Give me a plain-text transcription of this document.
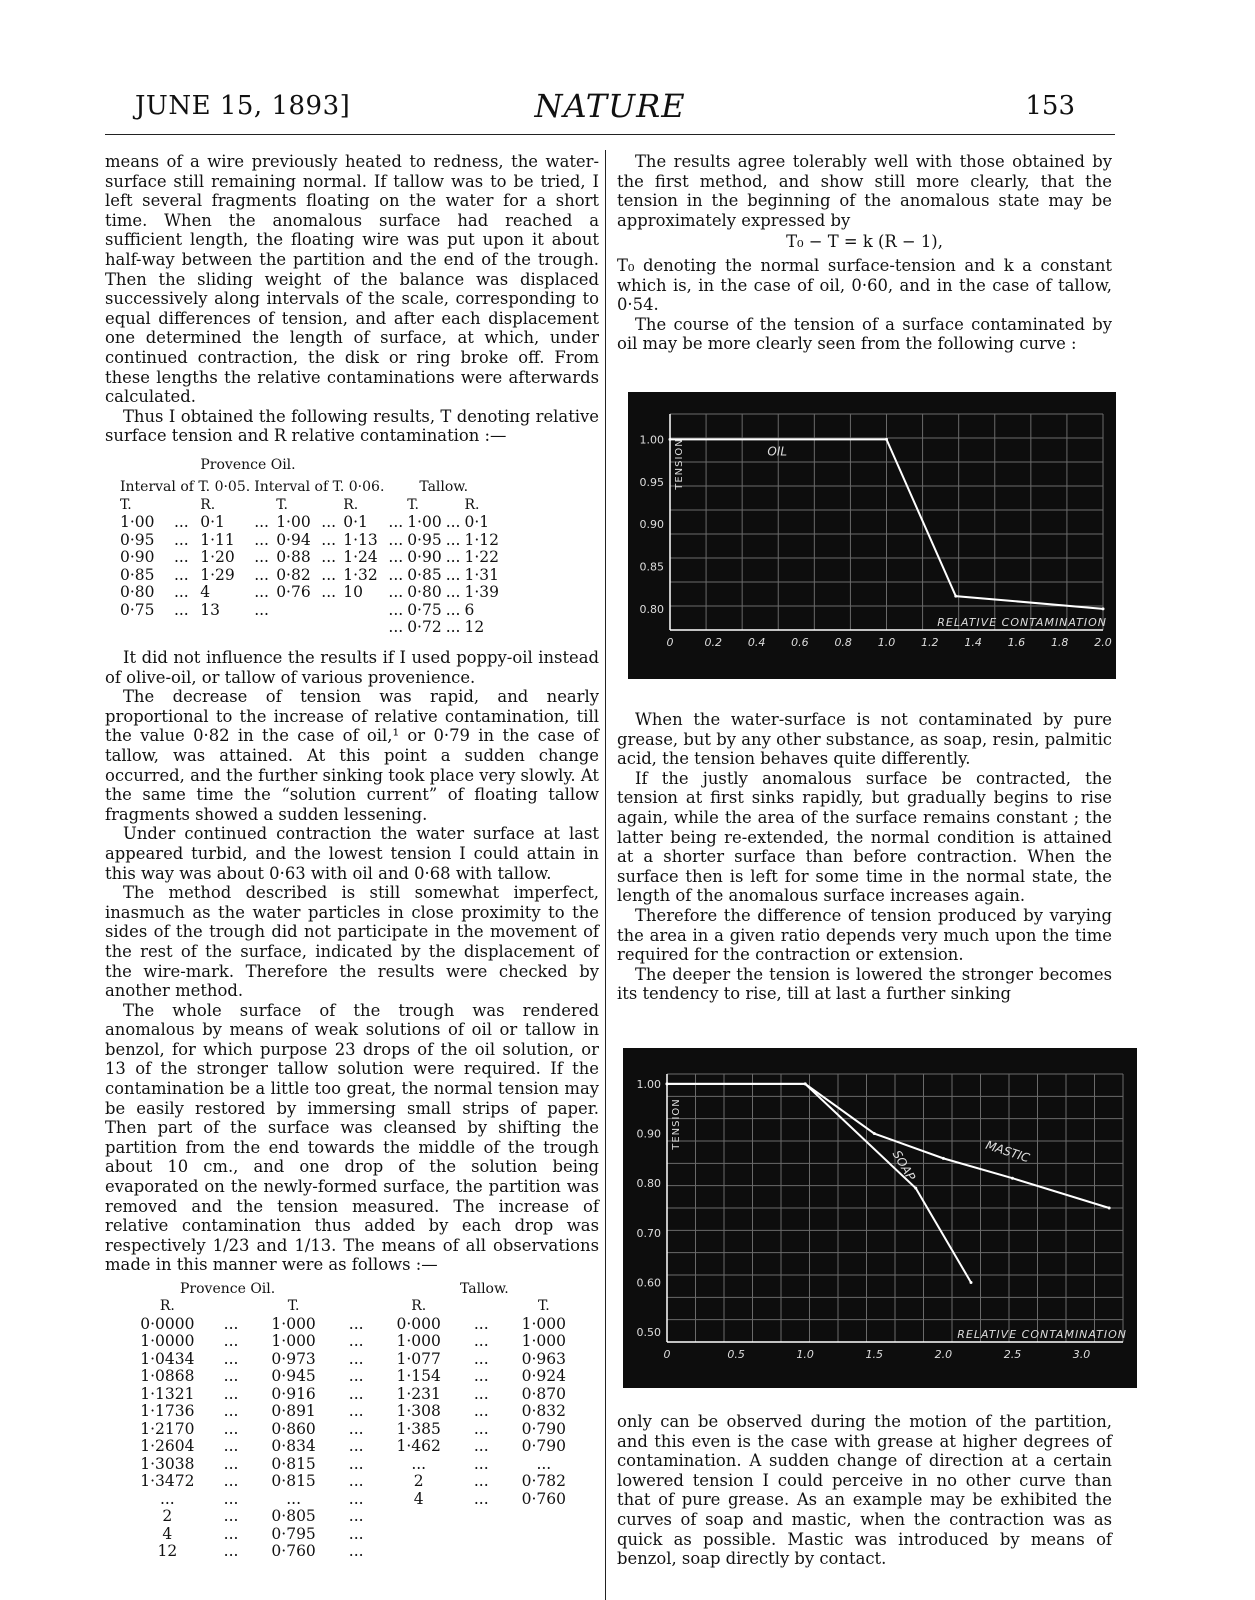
JUNE 15, 1893]	NATURE	153

means of a wire previously heated to redness, the water-surface still remaining normal. If tallow was to be tried, I left several fragments floating on the water for a short time. When the anomalous surface had reached a sufficient length, the floating wire was put upon it about half-way between the partition and the end of the trough. Then the sliding weight of the balance was displaced successively along intervals of the scale, corresponding to equal differences of tension, and after each displacement one determined the length of surface, at which, under continued contraction, the disk or ring broke off. From these lengths the relative contaminations were afterwards calculated.

Thus I obtained the following results, T denoting relative surface tension and R relative contamination :—

Provence Oil.
Interval of T. 0·05.			Interval of T. 0·06.				Tallow.			
T.		R.		T.		R.		T.		R.
1·00	...	0·1	...	1·00	...	0·1	...	1·00	...	0·1
0·95	...	1·11	...	0·94	...	1·13	...	0·95	...	1·12
0·90	...	1·20	...	0·88	...	1·24	...	0·90	...	1·22
0·85	...	1·29	...	0·82	...	1·32	...	0·85	...	1·31
0·80	...	4	...	0·76	...	10	...	0·80	...	1·39
0·75	...	13	...				...	0·75	...	6
							...	0·72	...	12

It did not influence the results if I used poppy-oil instead of olive-oil, or tallow of various provenience.

The decrease of tension was rapid, and nearly proportional to the increase of relative contamination, till the value 0·82 in the case of oil,¹ or 0·79 in the case of tallow, was attained. At this point a sudden change occurred, and the further sinking took place very slowly. At the same time the “solution current” of floating tallow fragments showed a sudden lessening.

Under continued contraction the water surface at last appeared turbid, and the lowest tension I could attain in this way was about 0·63 with oil and 0·68 with tallow.

The method described is still somewhat imperfect, inasmuch as the water particles in close proximity to the sides of the trough did not participate in the movement of the rest of the surface, indicated by the displacement of the wire-mark. Therefore the results were checked by another method.

The whole surface of the trough was rendered anomalous by means of weak solutions of oil or tallow in benzol, for which purpose 23 drops of the oil solution, or 13 of the stronger tallow solution were required. If the contamination be a little too great, the normal tension may be easily restored by immersing small strips of paper. Then part of the surface was cleansed by shifting the partition from the end towards the middle of the trough about 10 cm., and one drop of the solution being evaporated on the newly-formed surface, the partition was removed and the tension measured. The increase of relative contamination thus added by each drop was respectively 1/23 and 1/13. The means of all observations made in this manner were as follows :—

Provence Oil.	Tallow.
R.		T.		R.		T.
0·0000	...	1·000	...	0·000	...	1·000
1·0000	...	1·000	...	1·000	...	1·000
1·0434	...	0·973	...	1·077	...	0·963
1·0868	...	0·945	...	1·154	...	0·924
1·1321	...	0·916	...	1·231	...	0·870
1·1736	...	0·891	...	1·308	...	0·832
1·2170	...	0·860	...	1·385	...	0·790
1·2604	...	0·834	...	1·462	...	0·790
1·3038	...	0·815	...	...	...	...
1·3472	...	0·815	...	2	...	0·782
...	...	...	...	4	...	0·760
2	...	0·805	...			
4	...	0·795	...			
12	...	0·760	...			

The results agree tolerably well with those obtained by the first method, and show still more clearly, that the tension in the beginning of the anomalous state may be approximately expressed by

T₀ − T = k (R − 1),

T₀ denoting the normal surface-tension and k a constant which is, in the case of oil, 0·60, and in the case of tallow, 0·54.

The course of the tension of a surface contaminated by oil may be more clearly seen from the following curve :

1.00
0.95
0.90
0.85
0.80
0	0.2 0.4 0.6 0.8 1.0 1.2 1.4 1.6 1.8 2.0
RELATIVE CONTAMINATION
TENSION	OIL

When the water-surface is not contaminated by pure grease, but by any other substance, as soap, resin, palmitic acid, the tension behaves quite differently.

If the justly anomalous surface be contracted, the tension at first sinks rapidly, but gradually begins to rise again, while the area of the surface remains constant ; the latter being re-extended, the normal condition is attained at a shorter surface than before contraction. When the surface then is left for some time in the normal state, the length of the anomalous surface increases again.

Therefore the difference of tension produced by varying the area in a given ratio depends very much upon the time required for the contraction or extension.

The deeper the tension is lowered the stronger becomes its tendency to rise, till at last a further sinking

1.00
0.90
0.80
0.70
0.60
0.50
0	0.5	1.0	1.5	2.0	2.5	3.0
RELATIVE CONTAMINATION
TENSION
MASTIC
SOAP

only can be observed during the motion of the partition, and this even is the case with grease at higher degrees of contamination. A sudden change of direction at a certain lowered tension I could perceive in no other curve than that of pure grease. As an example may be exhibited the curves of soap and mastic, when the contraction was as quick as possible. Mastic was introduced by means of benzol, soap directly by contact.
